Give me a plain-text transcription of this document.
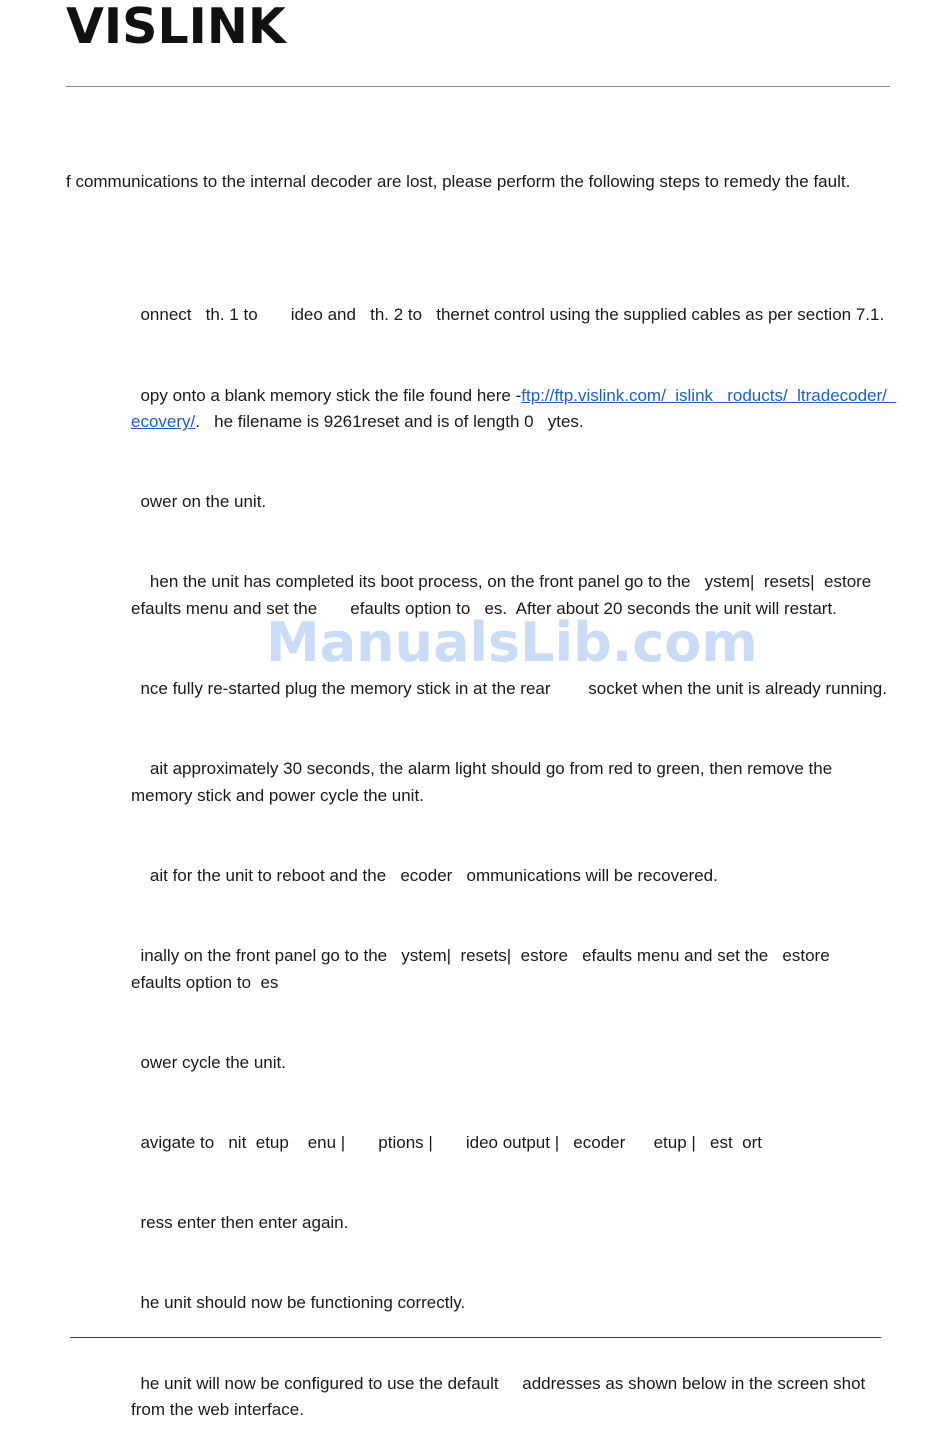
VISLINK

f communications to the internal decoder are lost, please perform the following steps to remedy the fault.

onnect   th. 1 to       ideo and   th. 2 to   thernet control using the supplied cables as per section 7.1.

opy onto a blank memory stick the file found here -ftp://ftp.vislink.com/  islink   roducts/  ltradecoder/  ecovery/.   he filename is 9261reset and is of length 0   ytes.

ower on the unit.

hen the unit has completed its boot process, on the front panel go to the   ystem|  resets|  estore   efaults menu and set the       efaults option to   es.  After about 20 seconds the unit will restart.

nce fully re-started plug the memory stick in at the rear        socket when the unit is already running.

ait approximately 30 seconds, the alarm light should go from red to green, then remove the memory stick and power cycle the unit.

ait for the unit to reboot and the   ecoder   ommunications will be recovered.

inally on the front panel go to the   ystem|  resets|  estore   efaults menu and set the   estore   efaults option to  es

ower cycle the unit.

avigate to   nit  etup    enu |       ptions |       ideo output |   ecoder      etup |   est  ort

ress enter then enter again.

he unit should now be functioning correctly.

he unit will now be configured to use the default     addresses as shown below in the screen shot from the web interface.

ManualsLib.com
